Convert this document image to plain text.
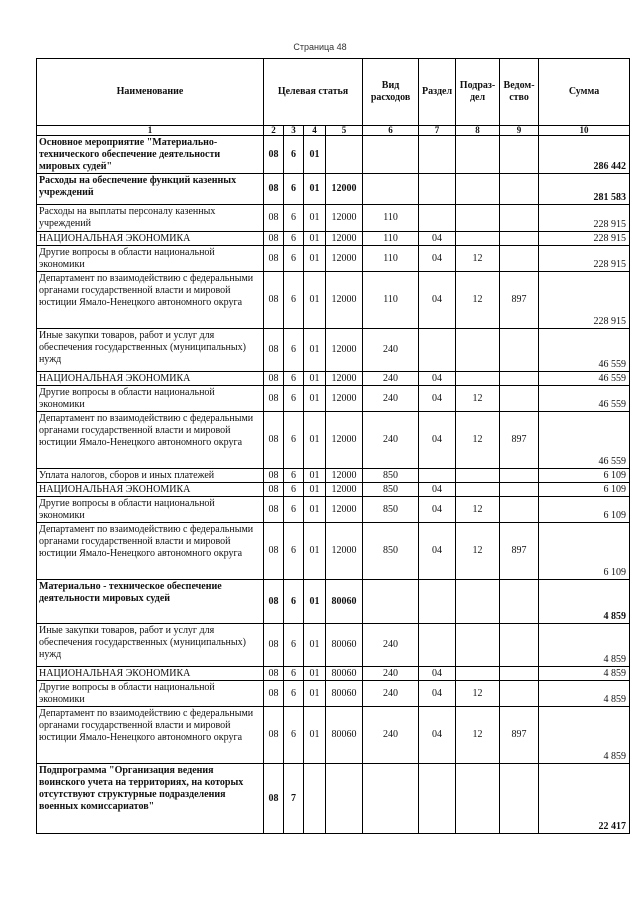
Страница 48
Наименование	Целевая статья				Вид расходов	Раздел	Подраз- дел	Ведом- ство	Сумма
1	2	3	4	5	6	7	8	9	10
Основное мероприятие "Материально-технического обеспечение деятельности мировых судей"	08	6	01						286 442
Расходы на обеспечение функций казенных учреждений	08	6	01	12000					281 583
Расходы на выплаты персоналу казенных учреждений	08	6	01	12000	110				228 915
НАЦИОНАЛЬНАЯ ЭКОНОМИКА	08	6	01	12000	110	04			228 915
Другие вопросы в области национальной экономики	08	6	01	12000	110	04	12		228 915
Департамент по взаимодействию с федеральными органами государственной власти и мировой юстиции Ямало-Ненецкого автономного округа	08	6	01	12000	110	04	12	897	228 915
Иные закупки товаров, работ и услуг для обеспечения государственных (муниципальных) нужд	08	6	01	12000	240				46 559
НАЦИОНАЛЬНАЯ ЭКОНОМИКА	08	6	01	12000	240	04			46 559
Другие вопросы в области национальной экономики	08	6	01	12000	240	04	12		46 559
Департамент по взаимодействию с федеральными органами государственной власти и мировой юстиции Ямало-Ненецкого автономного округа	08	6	01	12000	240	04	12	897	46 559
Уплата налогов, сборов и иных платежей	08	6	01	12000	850				6 109
НАЦИОНАЛЬНАЯ ЭКОНОМИКА	08	6	01	12000	850	04			6 109
Другие вопросы в области национальной экономики	08	6	01	12000	850	04	12		6 109
Департамент по взаимодействию с федеральными органами государственной власти и мировой юстиции Ямало-Ненецкого автономного округа	08	6	01	12000	850	04	12	897	6 109
Материально - техническое обеспечение деятельности мировых судей	08	6	01	80060					4 859
Иные закупки товаров, работ и услуг для обеспечения государственных (муниципальных) нужд	08	6	01	80060	240				4 859
НАЦИОНАЛЬНАЯ ЭКОНОМИКА	08	6	01	80060	240	04			4 859
Другие вопросы в области национальной экономики	08	6	01	80060	240	04	12		4 859
Департамент по взаимодействию с федеральными органами государственной власти и мировой юстиции Ямало-Ненецкого автономного округа	08	6	01	80060	240	04	12	897	4 859
Подпрограмма "Организация ведения воинского учета на территориях, на которых отсутствуют структурные подразделения военных комиссариатов"	08	7							22 417
